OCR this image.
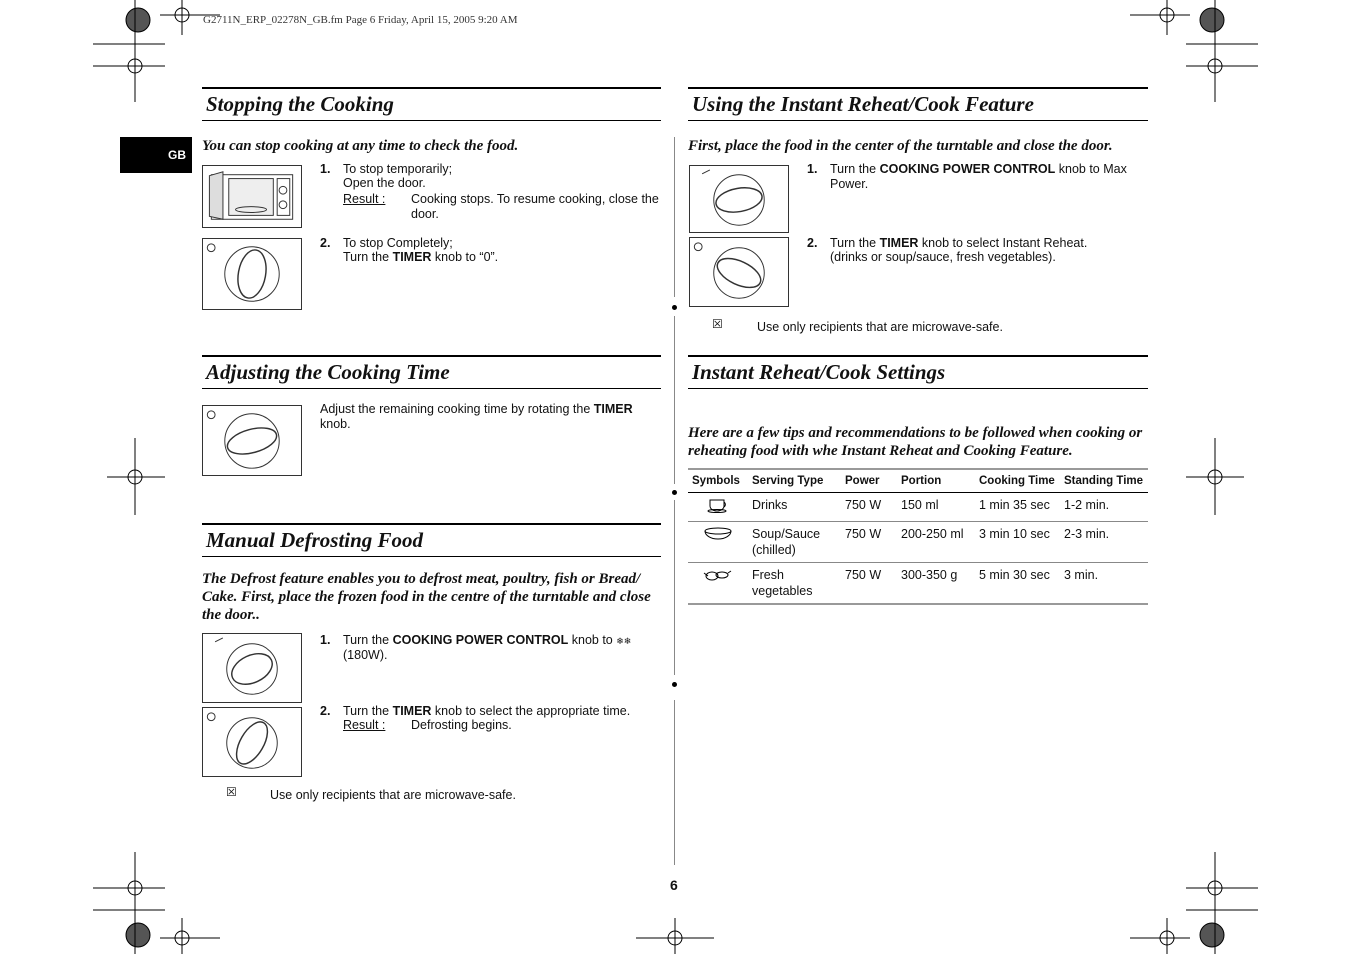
G2711N_ERP_02278N_GB.fm Page 6 Friday, April 15, 2005 9:20 AM
GB
Stopping the Cooking
You can stop cooking at any time to check the food.
1. To stop temporarily;
Open the door.
Result : Cooking stops. To resume cooking, close the door.
2. To stop Completely;
Turn the TIMER knob to “0”.
Adjusting the Cooking Time
Adjust the remaining cooking time by rotating the TIMER knob.
Manual Defrosting Food
The Defrost feature enables you to defrost meat, poultry, fish or Bread/ Cake. First, place the frozen food in the centre of the turntable and close the door..
1. Turn the COOKING POWER CONTROL knob to ❄❄
(180W).
2. Turn the TIMER knob to select the appropriate time.
Result : Defrosting begins.
☒	Use only recipients that are microwave-safe.
Using the Instant Reheat/Cook Feature
First, place the food in the center of the turntable and close the door.
1. Turn the COOKING POWER CONTROL knob to Max Power.
2. Turn the TIMER knob to select Instant Reheat.
(drinks or soup/sauce, fresh vegetables).
☒	Use only recipients that are microwave-safe.
Instant Reheat/Cook Settings
Here are a few tips and recommendations to be followed when cooking or reheating food with whe Instant Reheat and Cooking Feature.
Symbols	Serving Type	Power	Portion	Cooking Time	Standing Time
	Drinks	750 W	150 ml	1 min 35 sec	1-2 min.
	Soup/Sauce (chilled)	750 W	200-250 ml	3 min 10 sec	2-3 min.
	Fresh vegetables	750 W	300-350 g	5 min 30 sec	3 min.
6
